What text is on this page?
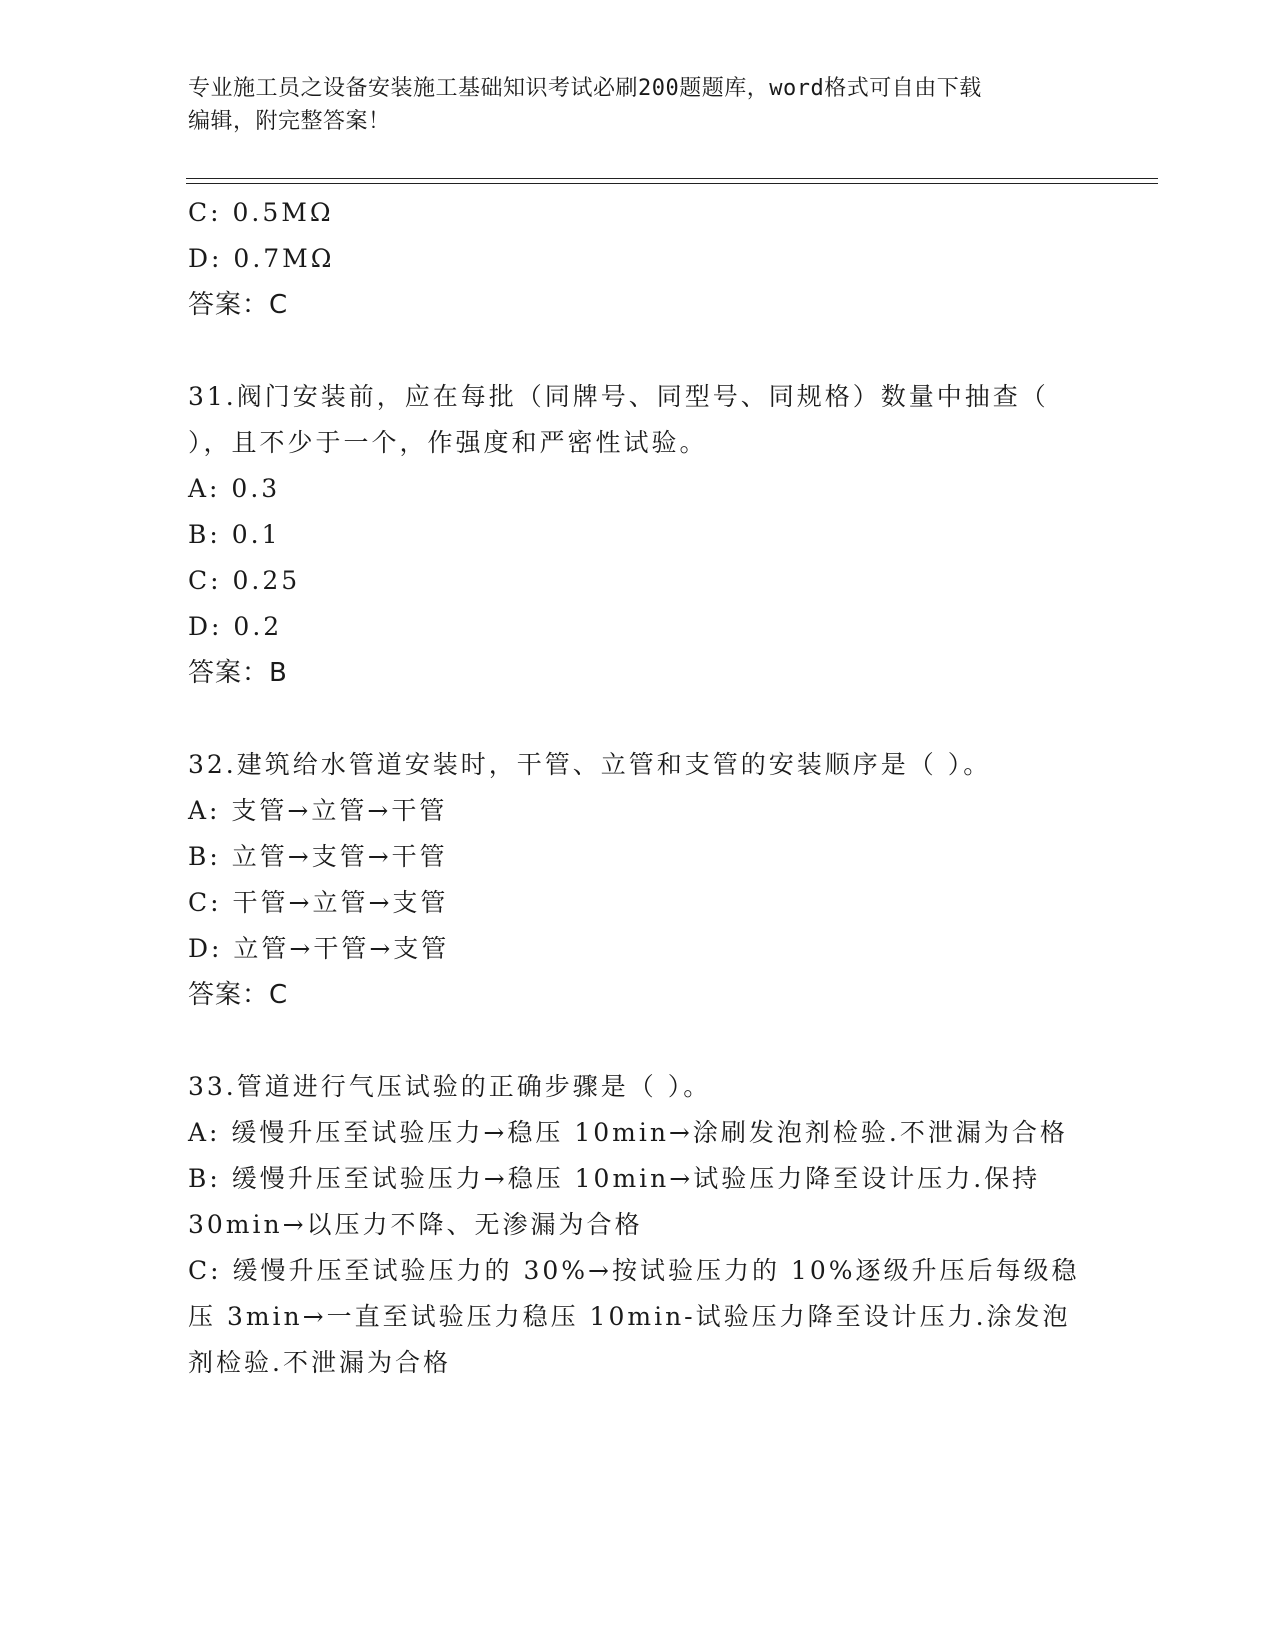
专业施工员之设备安装施工基础知识考试必刷200题题库，word格式可自由下载
编辑，附完整答案！
C: 0.5MΩ
D: 0.7MΩ
答案：C
31.阀门安装前，应在每批（同牌号、同型号、同规格）数量中抽查（
），且不少于一个，作强度和严密性试验。
A: 0.3
B: 0.1
C: 0.25
D: 0.2
答案：B
32.建筑给水管道安装时，干管、立管和支管的安装顺序是（ ）。
A: 支管→立管→干管
B: 立管→支管→干管
C: 干管→立管→支管
D: 立管→干管→支管
答案：C
33.管道进行气压试验的正确步骤是（ ）。
A: 缓慢升压至试验压力→稳压 10min→涂刷发泡剂检验.不泄漏为合格
B: 缓慢升压至试验压力→稳压 10min→试验压力降至设计压力.保持
30min→以压力不降、无渗漏为合格
C: 缓慢升压至试验压力的 30%→按试验压力的 10%逐级升压后每级稳
压 3min→一直至试验压力稳压 10min-试验压力降至设计压力.涂发泡
剂检验.不泄漏为合格
